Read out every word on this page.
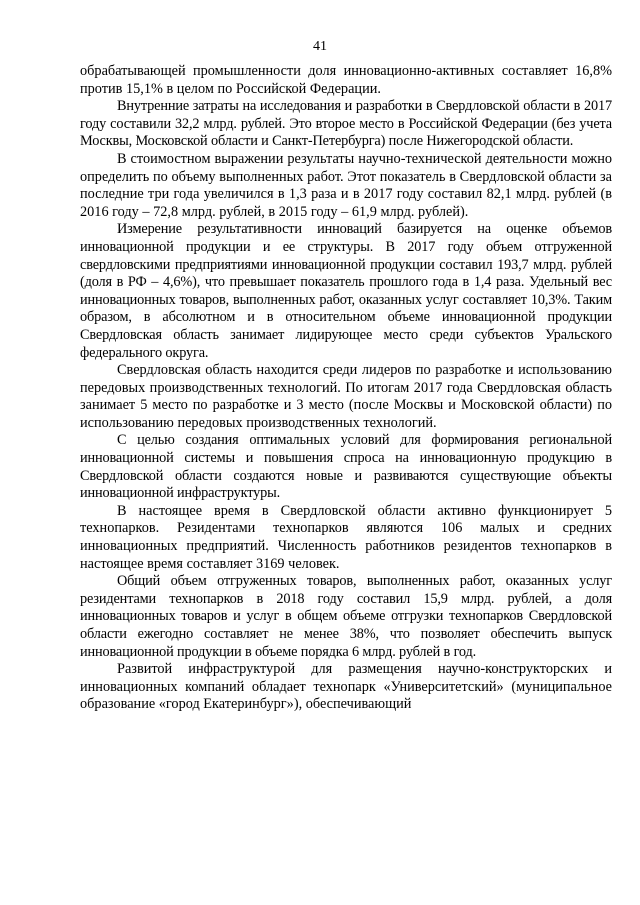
41

обрабатывающей промышленности доля инновационно-активных составляет 16,8% против 15,1% в целом по Российской Федерации.

Внутренние затраты на исследования и разработки в Свердловской области в 2017 году составили 32,2 млрд. рублей. Это второе место в Российской Федерации (без учета Москвы, Московской области и Санкт-Петербурга) после Нижегородской области.

В стоимостном выражении результаты научно-технической деятельности можно определить по объему выполненных работ. Этот показатель в Свердловской области за последние три года увеличился в 1,3 раза и в 2017 году составил 82,1 млрд. рублей (в 2016 году – 72,8 млрд. рублей, в 2015 году – 61,9 млрд. рублей).

Измерение результативности инноваций базируется на оценке объемов инновационной продукции и ее структуры. В 2017 году объем отгруженной свердловскими предприятиями инновационной продукции составил 193,7 млрд. рублей (доля в РФ – 4,6%), что превышает показатель прошлого года в 1,4 раза. Удельный вес инновационных товаров, выполненных работ, оказанных услуг составляет 10,3%. Таким образом, в абсолютном и в относительном объеме инновационной продукции Свердловская область занимает лидирующее место среди субъектов Уральского федерального округа.

Свердловская область находится среди лидеров по разработке и использованию передовых производственных технологий. По итогам 2017 года Свердловская область занимает 5 место по разработке и 3 место (после Москвы и Московской области) по использованию передовых производственных технологий.

С целью создания оптимальных условий для формирования региональной инновационной системы и повышения спроса на инновационную продукцию в Свердловской области создаются новые и развиваются существующие объекты инновационной инфраструктуры.

В настоящее время в Свердловской области активно функционирует 5 технопарков. Резидентами технопарков являются 106 малых и средних инновационных предприятий. Численность работников резидентов технопарков в настоящее время составляет 3169 человек.

Общий объем отгруженных товаров, выполненных работ, оказанных услуг резидентами технопарков в 2018 году составил 15,9 млрд. рублей, а доля инновационных товаров и услуг в общем объеме отгрузки технопарков Свердловской области ежегодно составляет не менее 38%, что позволяет обеспечить выпуск инновационной продукции в объеме порядка 6 млрд. рублей в год.

Развитой инфраструктурой для размещения научно-конструкторских и инновационных компаний обладает технопарк «Университетский» (муниципальное образование «город Екатеринбург»), обеспечивающий
